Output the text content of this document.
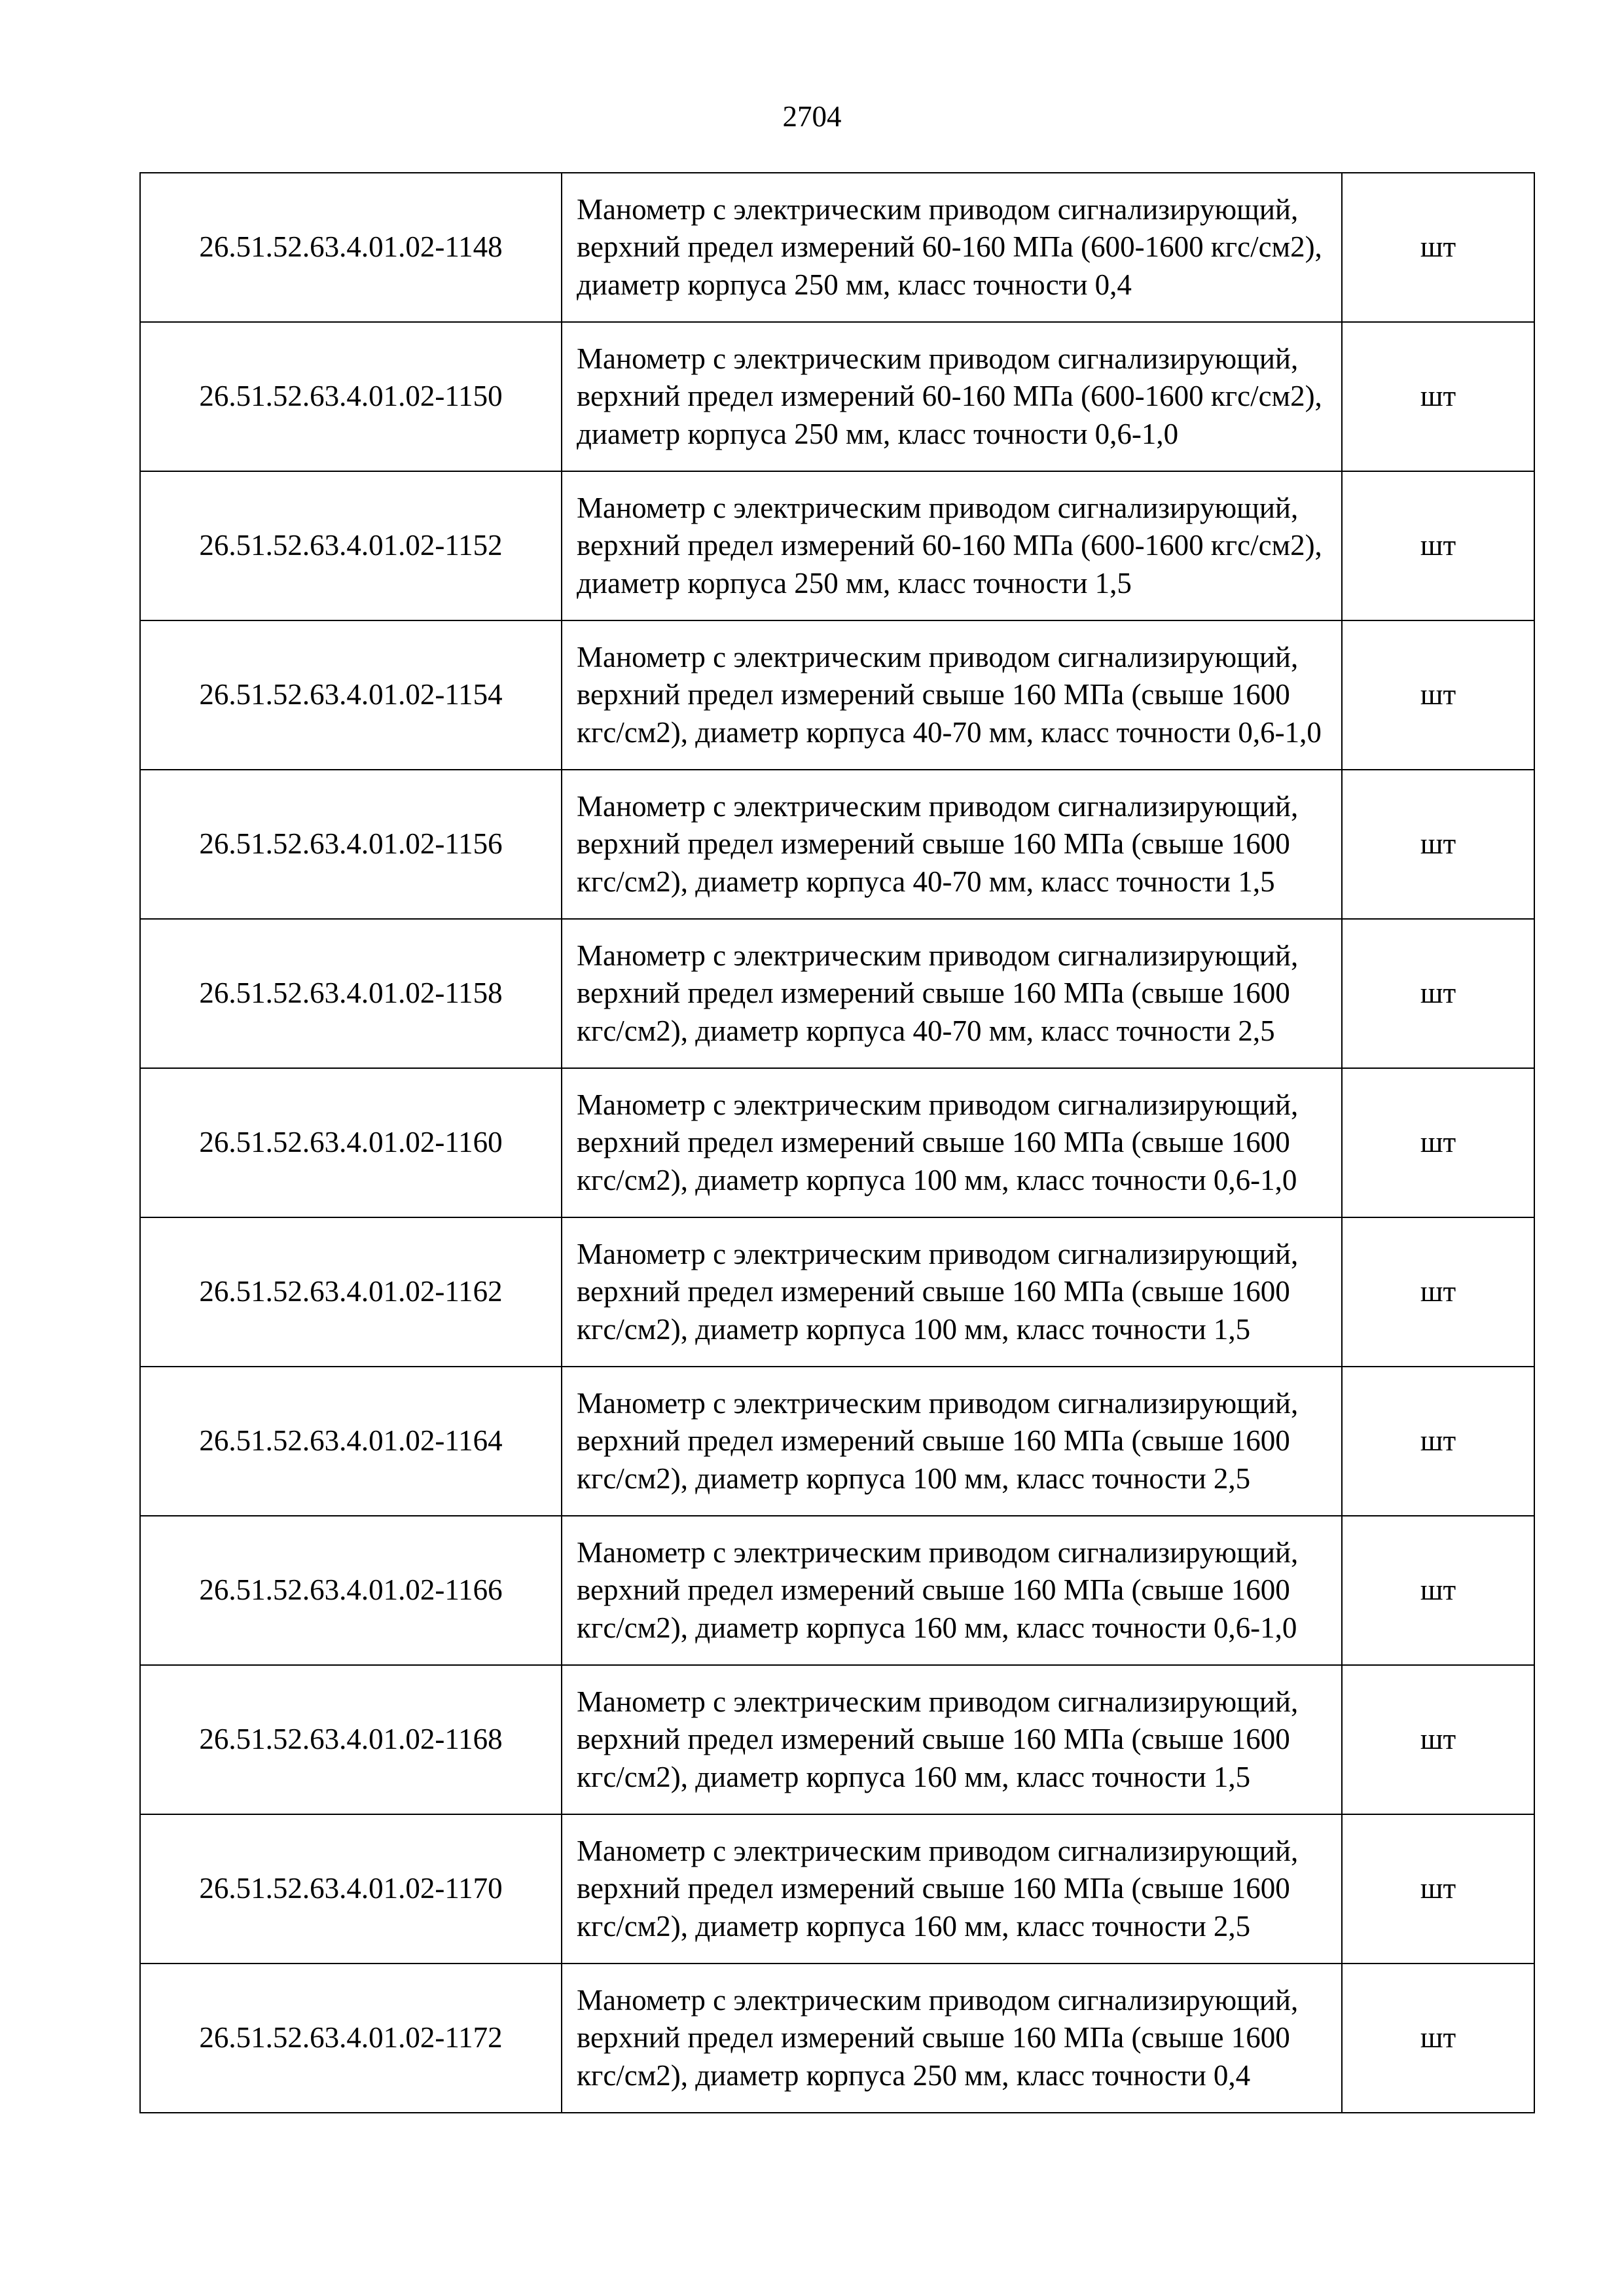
2704
26.51.52.63.4.01.02-1148	Манометр с электрическим приводом сигнализирующий, верхний предел измерений 60-160 МПа (600-1600 кгс/см2), диаметр корпуса 250 мм, класс точности 0,4	шт
26.51.52.63.4.01.02-1150	Манометр с электрическим приводом сигнализирующий, верхний предел измерений 60-160 МПа (600-1600 кгс/см2), диаметр корпуса 250 мм, класс точности 0,6-1,0	шт
26.51.52.63.4.01.02-1152	Манометр с электрическим приводом сигнализирующий, верхний предел измерений 60-160 МПа (600-1600 кгс/см2), диаметр корпуса 250 мм, класс точности 1,5	шт
26.51.52.63.4.01.02-1154	Манометр с электрическим приводом сигнализирующий, верхний предел измерений свыше 160 МПа (свыше 1600 кгс/см2), диаметр корпуса 40-70 мм, класс точности 0,6-1,0	шт
26.51.52.63.4.01.02-1156	Манометр с электрическим приводом сигнализирующий, верхний предел измерений свыше 160 МПа (свыше 1600 кгс/см2), диаметр корпуса 40-70 мм, класс точности 1,5	шт
26.51.52.63.4.01.02-1158	Манометр с электрическим приводом сигнализирующий, верхний предел измерений свыше 160 МПа (свыше 1600 кгс/см2), диаметр корпуса 40-70 мм, класс точности 2,5	шт
26.51.52.63.4.01.02-1160	Манометр с электрическим приводом сигнализирующий, верхний предел измерений свыше 160 МПа (свыше 1600 кгс/см2), диаметр корпуса 100 мм, класс точности 0,6-1,0	шт
26.51.52.63.4.01.02-1162	Манометр с электрическим приводом сигнализирующий, верхний предел измерений свыше 160 МПа (свыше 1600 кгс/см2), диаметр корпуса 100 мм, класс точности 1,5	шт
26.51.52.63.4.01.02-1164	Манометр с электрическим приводом сигнализирующий, верхний предел измерений свыше 160 МПа (свыше 1600 кгс/см2), диаметр корпуса 100 мм, класс точности 2,5	шт
26.51.52.63.4.01.02-1166	Манометр с электрическим приводом сигнализирующий, верхний предел измерений свыше 160 МПа (свыше 1600 кгс/см2), диаметр корпуса 160 мм, класс точности 0,6-1,0	шт
26.51.52.63.4.01.02-1168	Манометр с электрическим приводом сигнализирующий, верхний предел измерений свыше 160 МПа (свыше 1600 кгс/см2), диаметр корпуса 160 мм, класс точности 1,5	шт
26.51.52.63.4.01.02-1170	Манометр с электрическим приводом сигнализирующий, верхний предел измерений свыше 160 МПа (свыше 1600 кгс/см2), диаметр корпуса 160 мм, класс точности 2,5	шт
26.51.52.63.4.01.02-1172	Манометр с электрическим приводом сигнализирующий, верхний предел измерений свыше 160 МПа (свыше 1600 кгс/см2), диаметр корпуса 250 мм, класс точности 0,4	шт
